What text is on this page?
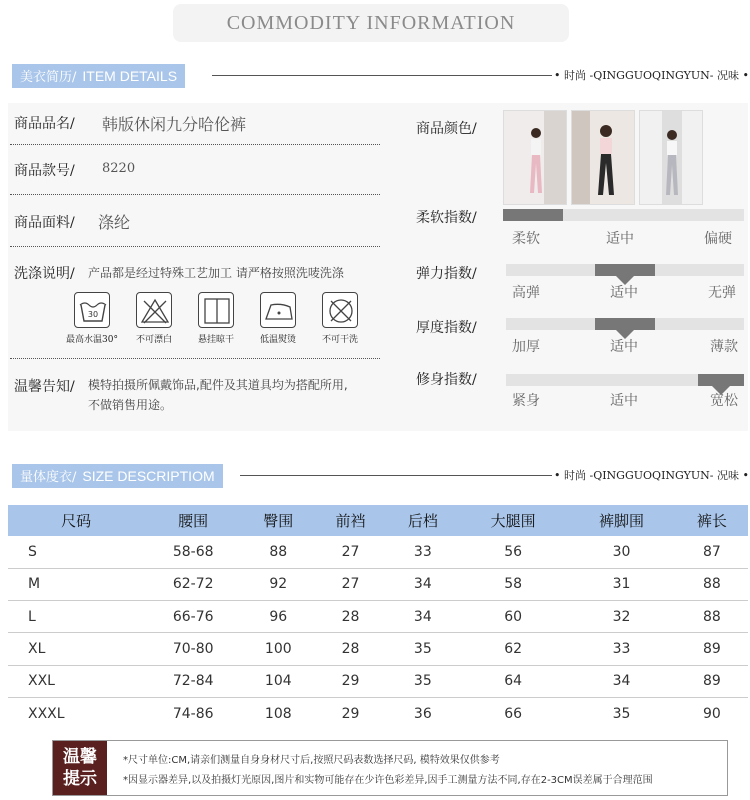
COMMODITY INFORMATION
美衣简历/ ITEM DETAILS	• 时尚 -QINGGUOQINGYUN- 况味 •
商品品名/ 韩版休闲九分哈伦裤
商品款号/ 8220
商品面料/ 涤纶
洗涤说明/ 产品都是经过特殊工艺加工 请严格按照洗唛洗涤
30
最高水温30°	不可漂白	悬挂晾干	低温熨烫	不可干洗
温馨告知/ 模特拍摄所佩戴饰品,配件及其道具均为搭配所用,
不做销售用途。
商品颜色/
柔软指数/
柔软	适中	偏硬
弹力指数/
高弹	适中	无弹
厚度指数/
加厚	适中	薄款
修身指数/
紧身	适中	宽松
量体度衣/ SIZE DESCRIPTIOM	• 时尚 -QINGGUOQINGYUN- 况味 •
尺码	腰围	臀围	前裆	后档	大腿围	裤脚围	裤长
S	58-68	88	27	33	56	30	87
M	62-72	92	27	34	58	31	88
L	66-76	96	28	34	60	32	88
XL	70-80	100	28	35	62	33	89
XXL	72-84	104	29	35	64	34	89
XXXL	74-86	108	29	36	66	35	90
温馨
提示
*尺寸单位:CM,请亲们测量自身身材尺寸后,按照尺码表数选择尺码, 模特效果仅供参考
*因显示器差异,以及拍摄灯光原因,图片和实物可能存在少许色彩差异,因手工测量方法不同,存在2-3CM误差属于合理范围
